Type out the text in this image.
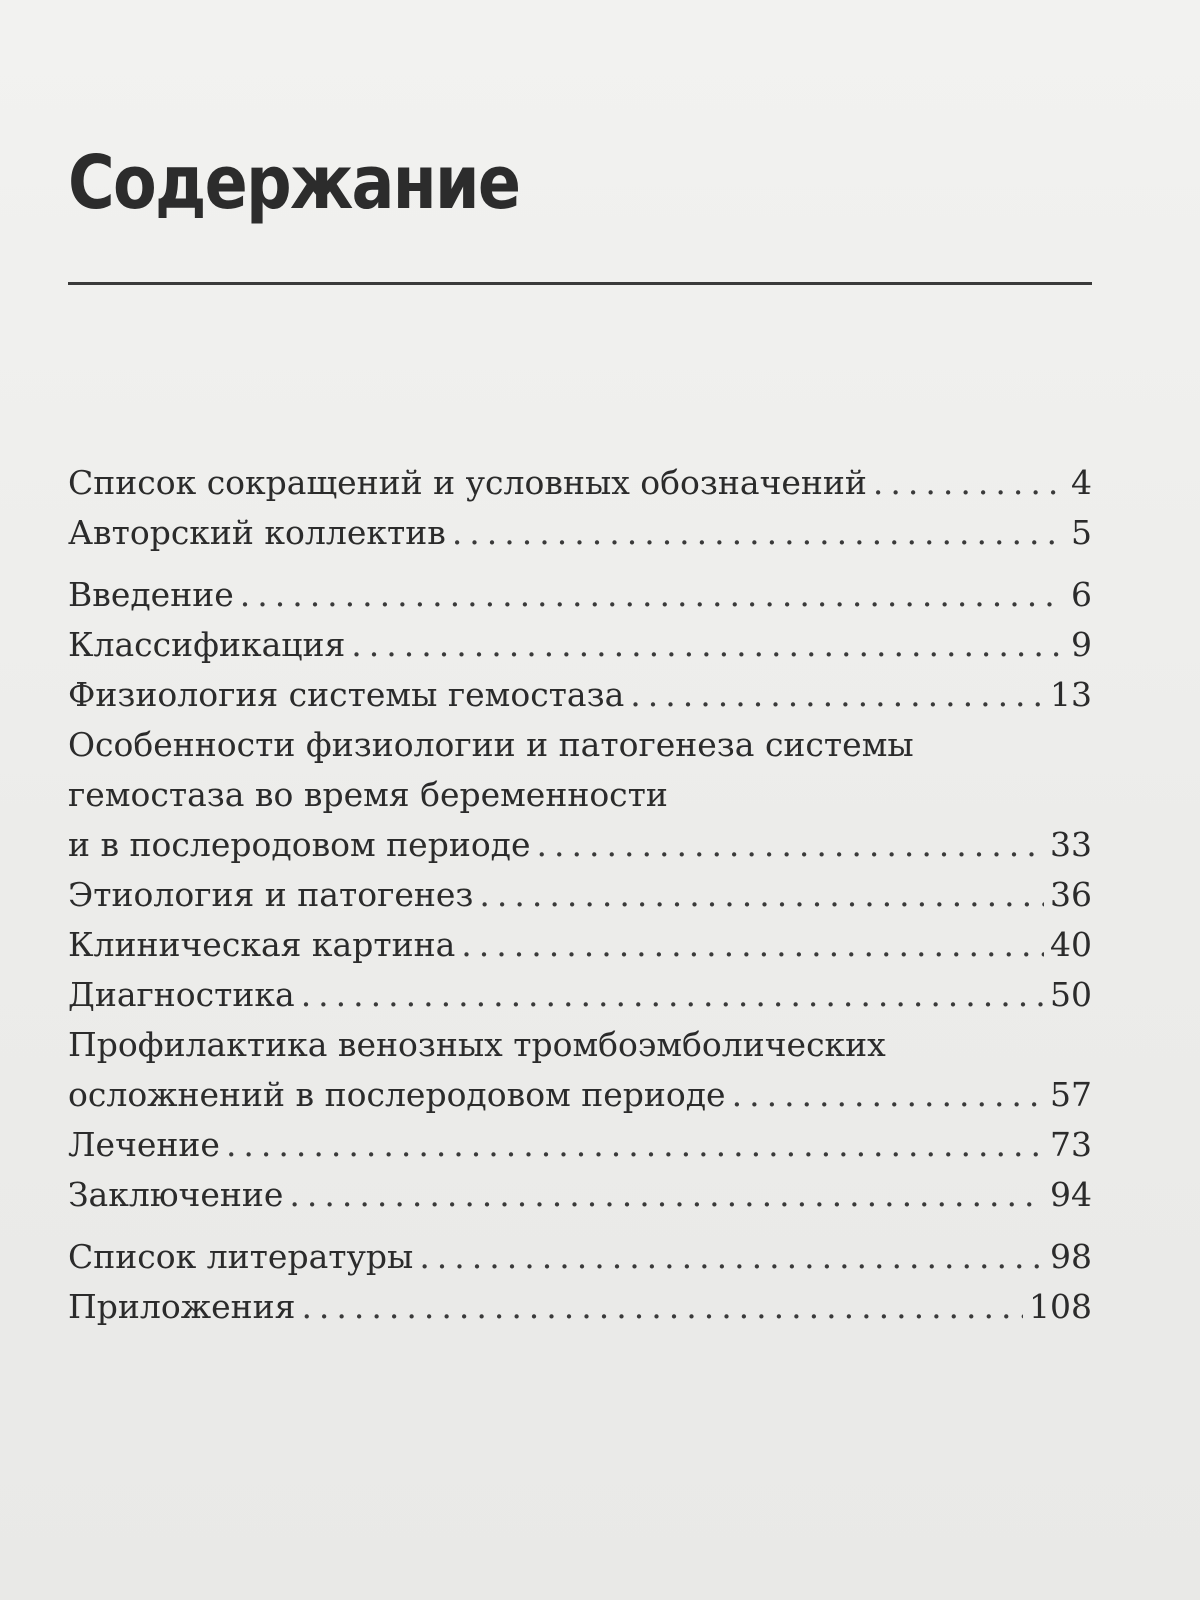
Содержание
Список сокращений и условных обозначений .....	4
Авторский коллектив .....	5
Введение .....	6
Классификация .....	9
Физиология системы гемостаза .....	13
Особенности физиологии и патогенеза системы
гемостаза во время беременности
и в послеродовом периоде .....	33
Этиология и патогенез .....	36
Клиническая картина .....	40
Диагностика .....	50
Профилактика венозных тромбоэмболических
осложнений в послеродовом периоде .....	57
Лечение .....	73
Заключение .....	94
Список литературы .....	98
Приложения .....	108
